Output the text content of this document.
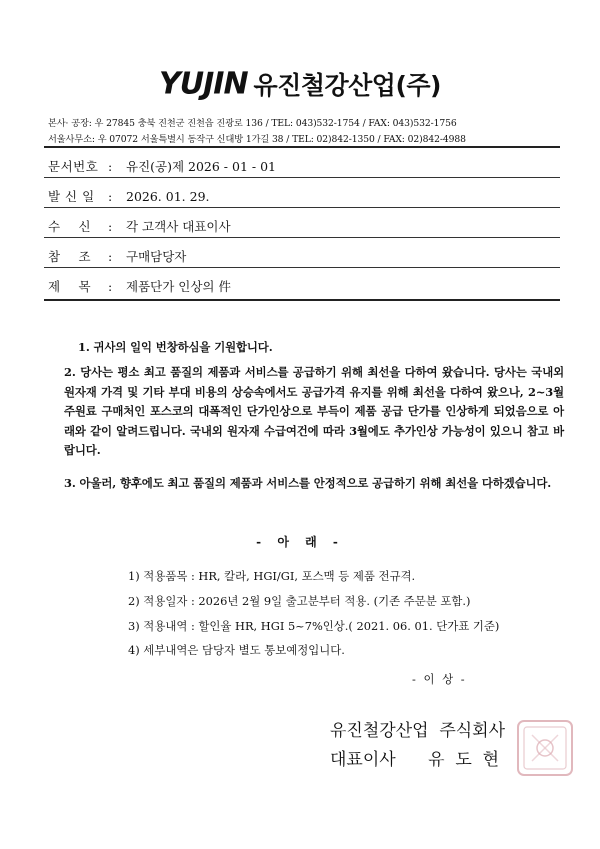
YUJIN 유진철강산업(주)
본사· 공장: 우 27845 충북 진천군 진천읍 진광로 136 / TEL: 043)532-1754 / FAX: 043)532-1756
서울사무소: 우 07072 서울특별시 동작구 신대방 1가길 38 / TEL: 02)842-1350 / FAX: 02)842-4988
문서번호 : 유진(공)제 2026 - 01 - 01
발 신 일 : 2026. 01. 29.
수    신 : 각 고객사 대표이사
참    조 : 구매담당자
제    목 : 제품단가 인상의 件

1. 귀사의 일익 번창하심을 기원합니다.

2. 당사는 평소 최고 품질의 제품과 서비스를 공급하기 위해 최선을 다하여 왔습니다. 당사는 국내외 원자재 가격 및 기타 부대 비용의 상승속에서도 공급가격 유지를 위해 최선을 다하여 왔으나, 2~3월 주원료 구매처인 포스코의 대폭적인 단가인상으로 부득이 제품 공급 단가를 인상하게 되었음으로 아래와 같이 알려드립니다. 국내외 원자재 수급여건에 따라 3월에도 추가인상 가능성이 있으니 참고 바랍니다.

3. 아울러, 향후에도 최고 품질의 제품과 서비스를 안정적으로 공급하기 위해 최선을 다하겠습니다.

- 아 래 -
1) 적용품목 : HR, 칼라, HGI/GI, 포스맥 등 제품 전규격.
2) 적용일자 : 2026년 2월 9일 출고분부터 적용. (기존 주문분 포함.)
3) 적용내역 : 할인율 HR, HGI 5~7%인상.( 2021. 06. 01. 단가표 기준)
4) 세부내역은 담당자 별도 통보예정입니다.
- 이 상 -
유진철강산업  주식회사
대표이사      유  도  현
